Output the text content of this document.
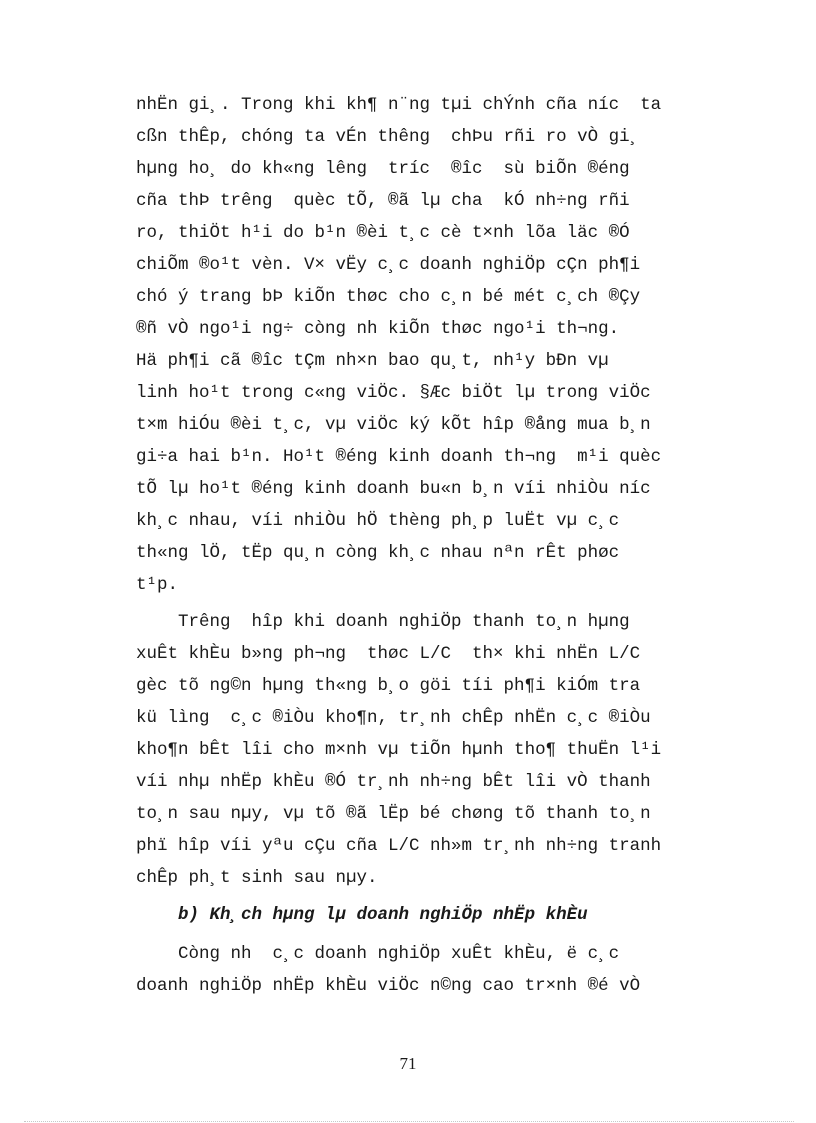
nhËn gi¸. Trong khi kh¶ n¨ng tµi chÝnh cña níc  ta
cßn thÊp, chóng ta vÉn thêng  chÞu rñi ro vÒ gi¸
hµng ho¸ do kh«ng lêng  tríc  ®îc  sù biÕn ®éng
cña thÞ trêng  quèc tÕ, ®ã lµ cha  kÓ nh÷ng rñi
ro, thiÖt h¹i do b¹n ®èi t¸c cè t×nh lõa läc ®Ó
chiÕm ®o¹t vèn. V× vËy c¸c doanh nghiÖp cÇn ph¶i
chó ý trang bÞ kiÕn thøc cho c¸n bé mét c¸ch ®Çy
®ñ vÒ ngo¹i ng÷ còng nh kiÕn thøc ngo¹i th¬ng.
Hä ph¶i cã ®îc tÇm nh×n bao qu¸t, nh¹y bÐn vµ
linh ho¹t trong c«ng viÖc. §Æc biÖt lµ trong viÖc
t×m hiÓu ®èi t¸c, vµ viÖc ký kÕt hîp ®ång mua b¸n
gi÷a hai b¹n. Ho¹t ®éng kinh doanh th¬ng  m¹i quèc
tÕ lµ ho¹t ®éng kinh doanh bu«n b¸n víi nhiÒu níc
kh¸c nhau, víi nhiÒu hÖ thèng ph¸p luËt vµ c¸c
th«ng lÖ, tËp qu¸n còng kh¸c nhau nªn rÊt phøc
t¹p.
Trêng  hîp khi doanh nghiÖp thanh to¸n hµng
xuÊt khÈu b»ng ph¬ng  thøc L/C  th× khi nhËn L/C
gèc tõ ng©n hµng th«ng b¸o göi tíi ph¶i kiÓm tra
kü lìng  c¸c ®iÒu kho¶n, tr¸nh chÊp nhËn c¸c ®iÒu
kho¶n bÊt lîi cho m×nh vµ tiÕn hµnh tho¶ thuËn l¹i
víi nhµ nhËp khÈu ®Ó tr¸nh nh÷ng bÊt lîi vÒ thanh
to¸n sau nµy, vµ tõ ®ã lËp bé chøng tõ thanh to¸n
phï hîp víi yªu cÇu cña L/C nh»m tr¸nh nh÷ng tranh
chÊp ph¸t sinh sau nµy.
b) Kh¸ch hµng lµ doanh nghiÖp nhËp khÈu
Còng nh  c¸c doanh nghiÖp xuÊt khÈu, ë c¸c
doanh nghiÖp nhËp khÈu viÖc n©ng cao tr×nh ®é vÒ
71
